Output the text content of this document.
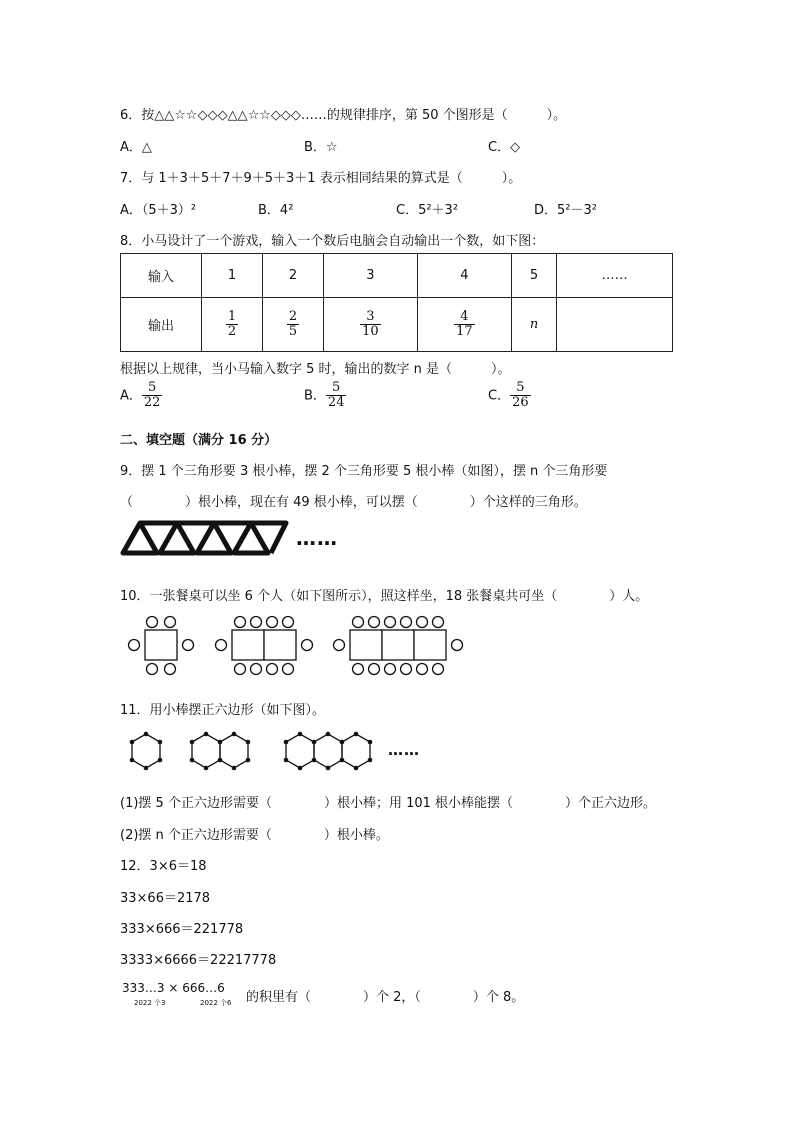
6．按△△☆☆◇◇◇△△☆☆◇◇◇……的规律排序，第 50 个图形是（　　　）。
A．△	B．☆	C．◇
7．与 1＋3＋5＋7＋9＋5＋3＋1 表示相同结果的算式是（　　　）。
A．（5＋3）²	B．4²	C．5²＋3²	D．5²－3²
8．小马设计了一个游戏，输入一个数后电脑会自动输出一个数，如下图：
输入	1	2	3	4	5	……
输出	$\frac{1}{2}$	$\frac{2}{5}$	$\frac{3}{10}$	$\frac{4}{17}$	n	
根据以上规律，当小马输入数字 5 时，输出的数字 n 是（　　　）。
A． $\frac{5}{22}$	B． $\frac{5}{24}$	C． $\frac{5}{26}$
二、填空题（满分 16 分）
9．摆 1 个三角形要 3 根小棒，摆 2 个三角形要 5 根小棒（如图），摆 n 个三角形要
（　　　　）根小棒，现在有 49 根小棒，可以摆（　　　　）个这样的三角形。
……
10．一张餐桌可以坐 6 个人（如下图所示），照这样坐，18 张餐桌共可坐（　　　　）人。
11．用小棒摆正六边形（如下图）。
……
(1)摆 5 个正六边形需要（　　　　）根小棒；用 101 根小棒能摆（　　　　）个正六边形。
(2)摆 n 个正六边形需要（　　　　）根小棒。
12．3×6＝18
33×66＝2178
333×666＝221778
3333×6666＝22217778
333…3 × 666…6
2022 个3	2022 个6 的积里有（　　　　）个 2，（　　　　）个 8。
